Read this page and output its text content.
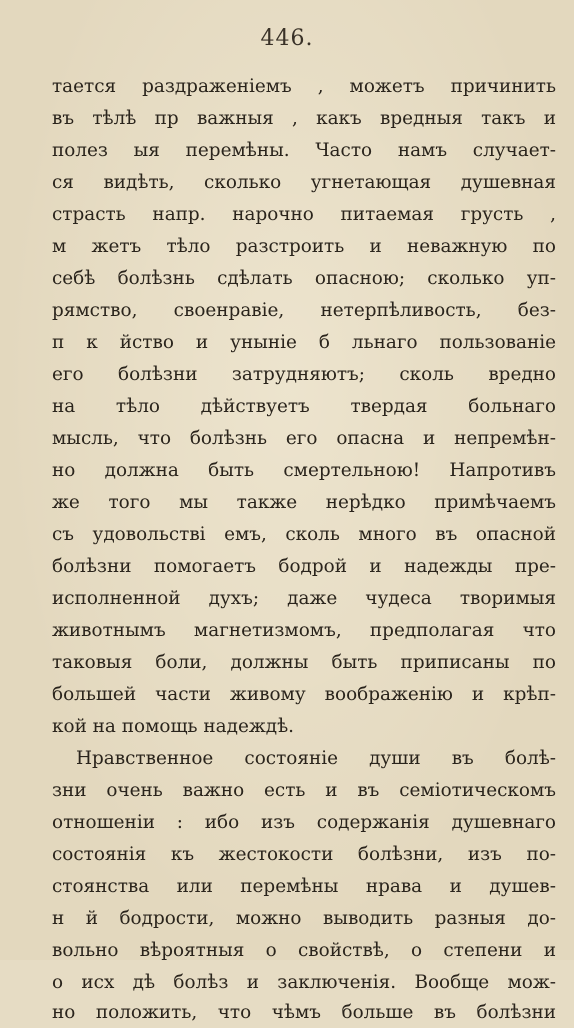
446.
тается раздраженіемъ , можетъ причинить
въ тѣлѣ пр важныя , какъ вредныя такъ и
полез ыя перемѣны. Часто намъ случает-
ся видѣть, сколько угнетающая душевная
страсть напр. нарочно питаемая грусть ,
м жетъ тѣло разстроить и неважную по
себѣ болѣзнь сдѣлать опасною; сколько уп-
рямство, своенравіе, нетерпѣливость, без-
п к йство и унынiе б льнаго пользованіе
его болѣзни затрудняютъ; сколь вредно
на тѣло дѣйствуетъ твердая больнаго
мысль, что болѣзнь его опасна и непремѣн-
но должна быть смертельною! Напротивъ
же того мы также нерѣдко примѣчаемъ
съ удовольстві емъ, сколь много въ опасной
болѣзни помогаетъ бодрой и надежды пре-
исполненной духъ; даже чудеса творимыя
животнымъ магнетизмомъ, предполагая что
таковыя боли, должны быть приписаны по
большей части живому воображенію и крѣп-
кой на помощь надеждѣ.
Нравственное состояніе души въ болѣ-
зни очень важно есть и въ семіотическомъ
отношеніи : ибо изъ содержанія душевнаго
состоянія къ жестокости болѣзни, изъ по-
стоянства или перемѣны нрава и душев-
н й бодрости, можно выводить разныя до-
вольно вѣроятныя о свойствѣ, о степени и
о исх дѣ болѣз и заключенія. Вообще мож-
но положить, что чѣмъ больше въ болѣзни
